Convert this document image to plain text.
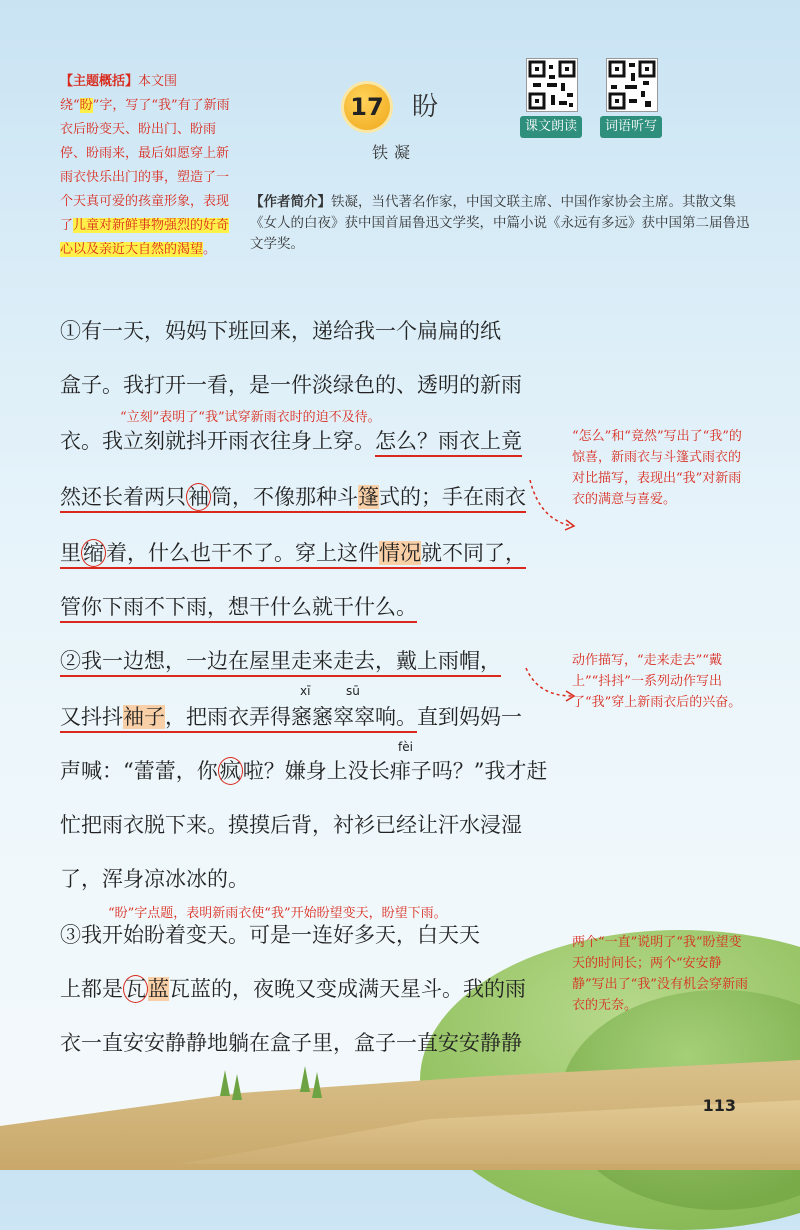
【主题概括】本文围绕“盼”字，写了“我”有了新雨衣后盼变天、盼出门、盼雨停、盼雨来，最后如愿穿上新雨衣快乐出门的事，塑造了一个天真可爱的孩童形象，表现了儿童对新鲜事物强烈的好奇心以及亲近大自然的渴望。
17 盼
铁凝
课文朗读	词语听写
【作者简介】铁凝，当代著名作家，中国文联主席、中国作家协会主席。其散文集《女人的白夜》获中国首届鲁迅文学奖，中篇小说《永远有多远》获中国第二届鲁迅文学奖。
①有一天，妈妈下班回来，递给我一个扁扁的纸
盒子。我打开一看，是一件淡绿色的、透明的新雨
“立刻”表明了“我”试穿新雨衣时的迫不及待。
衣。我立刻就抖开雨衣往身上穿。怎么？雨衣上竟
然还长着两只袖筒，不像那种斗篷式的；手在雨衣
里缩着，什么也干不了。穿上这件情况就不同了，
管你下雨不下雨，想干什么就干什么。
“怎么”和“竟然”写出了“我”的惊喜，新雨衣与斗篷式雨衣的对比描写，表现出“我”对新雨衣的满意与喜爱。
②我一边想，一边在屋里走来走去，戴上雨帽，
xī	sū
又抖抖袖子，把雨衣弄得窸窸窣窣响。直到妈妈一
fèi
声喊：“蕾蕾，你疯啦？嫌身上没长痱子吗？”我才赶
忙把雨衣脱下来。摸摸后背，衬衫已经让汗水浸湿
了，浑身凉冰冰的。
动作描写，“走来走去”“戴上”“抖抖”一系列动作写出了“我”穿上新雨衣后的兴奋。
“盼”字点题，表明新雨衣使“我”开始盼望变天，盼望下雨。
③我开始盼着变天。可是一连好多天，白天天
上都是瓦蓝瓦蓝的，夜晚又变成满天星斗。我的雨
衣一直安安静静地躺在盒子里，盒子一直安安静静
两个“一直”说明了“我”盼望变天的时间长；两个“安安静静”写出了“我”没有机会穿新雨衣的无奈。
113
